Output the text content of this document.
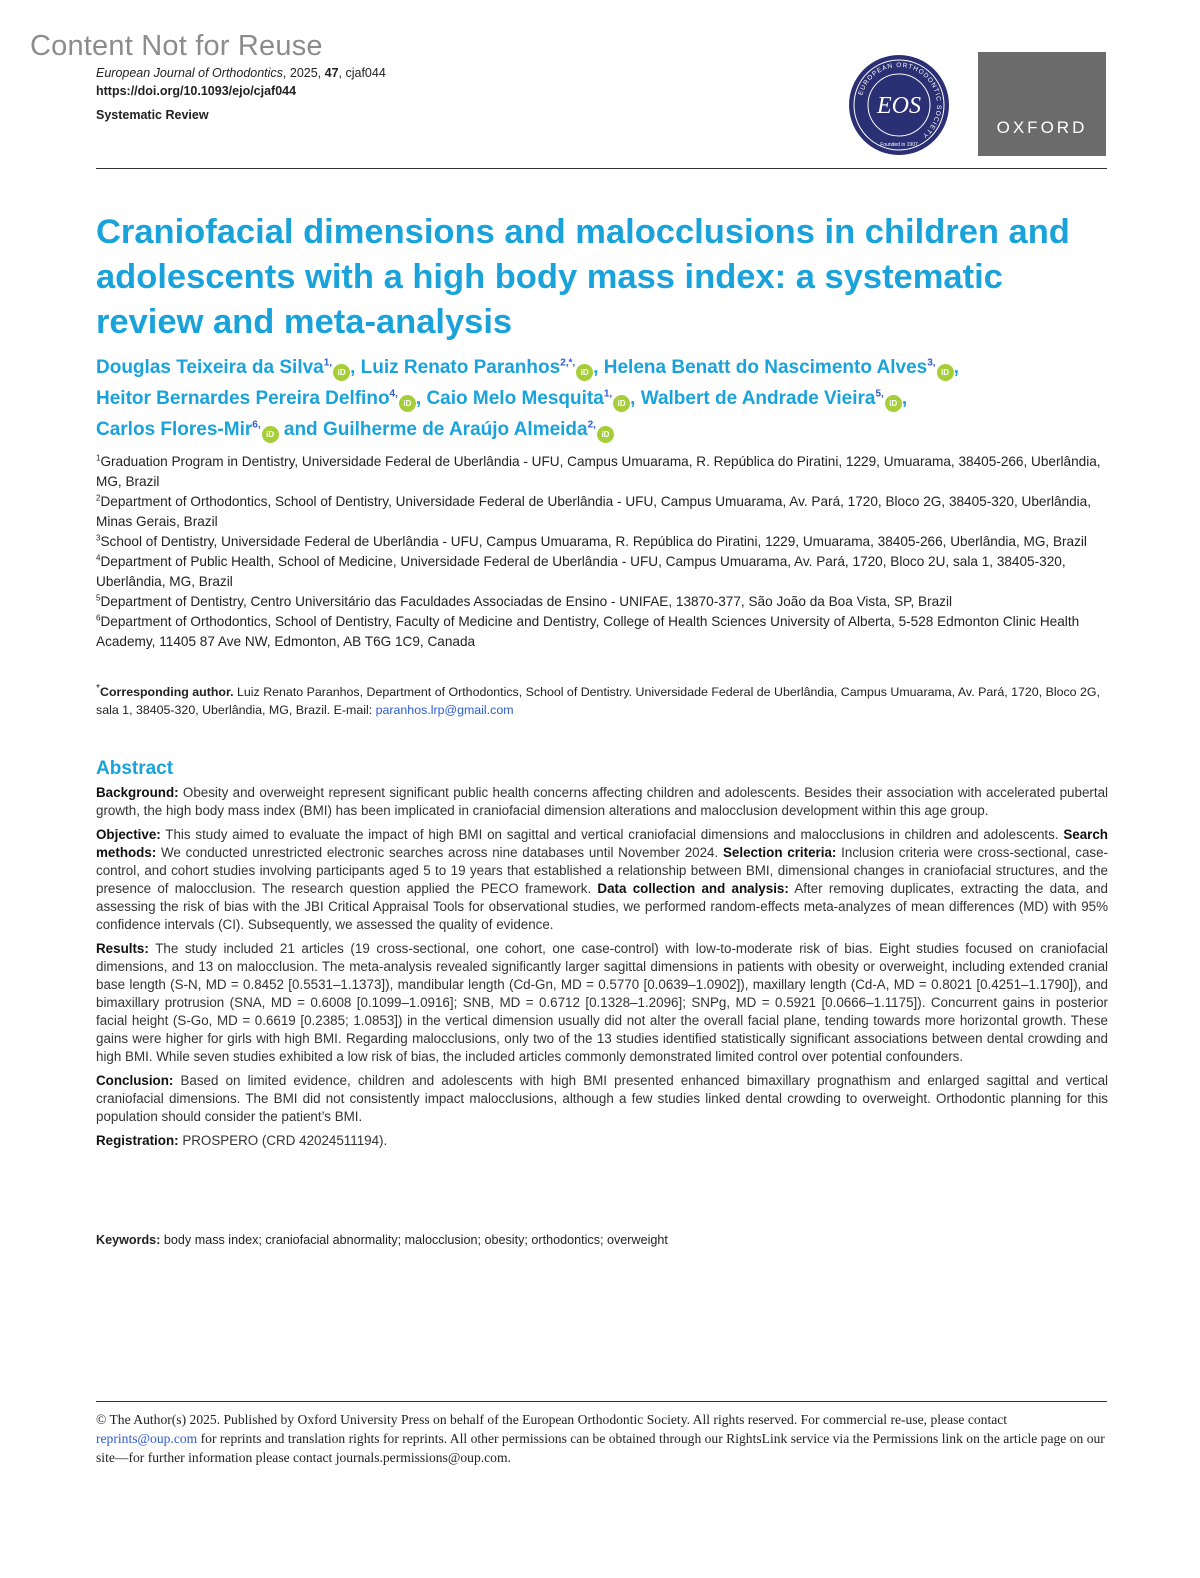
Content Not for Reuse
European Journal of Orthodontics, 2025, 47, cjaf044
https://doi.org/10.1093/ejo/cjaf044
Systematic Review
EUROPEAN ORTHODONTIC SOCIETY
EOS
Founded in 1907
OXFORD
Craniofacial dimensions and malocclusions in children and adolescents with a high body mass index: a systematic review and meta-analysis
Douglas Teixeira da Silva$^{1,}$iD , Luiz Renato Paranhos$^{2,*,}$iD , Helena Benatt do Nascimento Alves$^{3,}$iD ,
Heitor Bernardes Pereira Delfino$^{4,}$iD , Caio Melo Mesquita$^{1,}$iD , Walbert de Andrade Vieira$^{5,}$iD ,
Carlos Flores-Mir$^{6,}$iD and Guilherme de Araújo Almeida$^{2,}$iD

$^1$Graduation Program in Dentistry, Universidade Federal de Uberlândia - UFU, Campus Umuarama, R. República do Piratini, 1229, Umuarama, 38405-266, Uberlândia, MG, Brazil

$^2$Department of Orthodontics, School of Dentistry, Universidade Federal de Uberlândia - UFU, Campus Umuarama, Av. Pará, 1720, Bloco 2G, 38405-320, Uberlândia, Minas Gerais, Brazil

$^3$School of Dentistry, Universidade Federal de Uberlândia - UFU, Campus Umuarama, R. República do Piratini, 1229, Umuarama, 38405-266, Uberlândia, MG, Brazil

$^4$Department of Public Health, School of Medicine, Universidade Federal de Uberlândia - UFU, Campus Umuarama, Av. Pará, 1720, Bloco 2U, sala 1, 38405-320, Uberlândia, MG, Brazil

$^5$Department of Dentistry, Centro Universitário das Faculdades Associadas de Ensino - UNIFAE, 13870-377, São João da Boa Vista, SP, Brazil

$^6$Department of Orthodontics, School of Dentistry, Faculty of Medicine and Dentistry, College of Health Sciences University of Alberta, 5-528 Edmonton Clinic Health Academy, 11405 87 Ave NW, Edmonton, AB T6G 1C9, Canada

*Corresponding author. Luiz Renato Paranhos, Department of Orthodontics, School of Dentistry. Universidade Federal de Uberlândia, Campus Umuarama, Av. Pará, 1720, Bloco 2G, sala 1, 38405-320, Uberlândia, MG, Brazil. E-mail: paranhos.lrp@gmail.com
Abstract

Background: Obesity and overweight represent significant public health concerns affecting children and adolescents. Besides their association with accelerated pubertal growth, the high body mass index (BMI) has been implicated in craniofacial dimension alterations and malocclusion development within this age group.

Objective: This study aimed to evaluate the impact of high BMI on sagittal and vertical craniofacial dimensions and malocclusions in children and adolescents. Search methods: We conducted unrestricted electronic searches across nine databases until November 2024. Selection criteria: Inclusion criteria were cross-sectional, case-control, and cohort studies involving participants aged 5 to 19 years that established a relationship between BMI, dimensional changes in craniofacial structures, and the presence of malocclusion. The research question applied the PECO framework. Data collection and analysis: After removing duplicates, extracting the data, and assessing the risk of bias with the JBI Critical Appraisal Tools for observational studies, we performed random-effects meta-analyzes of mean differences (MD) with 95% confidence intervals (CI). Subsequently, we assessed the quality of evidence.

Results: The study included 21 articles (19 cross-sectional, one cohort, one case-control) with low-to-moderate risk of bias. Eight studies focused on craniofacial dimensions, and 13 on malocclusion. The meta-analysis revealed significantly larger sagittal dimensions in patients with obesity or overweight, including extended cranial base length (S-N, MD = 0.8452 [0.5531–1.1373]), mandibular length (Cd-Gn, MD = 0.5770 [0.0639–1.0902]), maxillary length (Cd-A, MD = 0.8021 [0.4251–1.1790]), and bimaxillary protrusion (SNA, MD = 0.6008 [0.1099–1.0916]; SNB, MD = 0.6712 [0.1328–1.2096]; SNPg, MD = 0.5921 [0.0666–1.1175]). Concurrent gains in posterior facial height (S-Go, MD = 0.6619 [0.2385; 1.0853]) in the vertical dimension usually did not alter the overall facial plane, tending towards more horizontal growth. These gains were higher for girls with high BMI. Regarding malocclusions, only two of the 13 studies identified statistically significant associations between dental crowding and high BMI. While seven studies exhibited a low risk of bias, the included articles commonly demonstrated limited control over potential confounders.

Conclusion: Based on limited evidence, children and adolescents with high BMI presented enhanced bimaxillary prognathism and enlarged sagittal and vertical craniofacial dimensions. The BMI did not consistently impact malocclusions, although a few studies linked dental crowding to overweight. Orthodontic planning for this population should consider the patient’s BMI.

Registration: PROSPERO (CRD 42024511194).

Keywords: body mass index; craniofacial abnormality; malocclusion; obesity; orthodontics; overweight
© The Author(s) 2025. Published by Oxford University Press on behalf of the European Orthodontic Society. All rights reserved. For commercial re-use, please contact reprints@oup.com for reprints and translation rights for reprints. All other permissions can be obtained through our RightsLink service via the Permissions link on the article page on our site—for further information please contact journals.permissions@oup.com.
